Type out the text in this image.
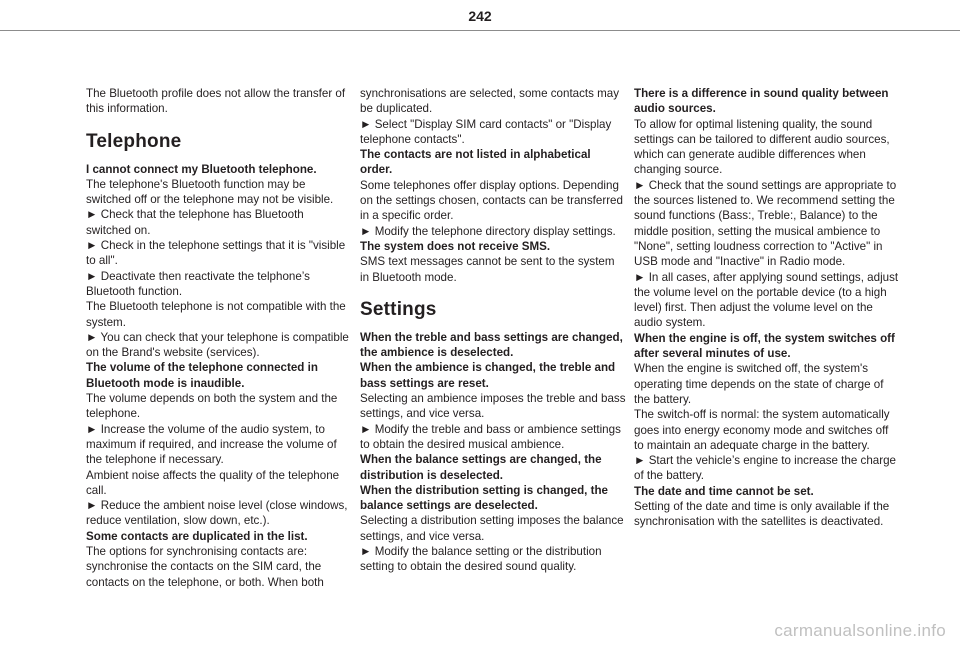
242

The Bluetooth profile does not allow the transfer of this information.

Telephone

I cannot connect my Bluetooth telephone.

The telephone's Bluetooth function may be switched off or the telephone may not be visible.

► Check that the telephone has Bluetooth switched on.

► Check in the telephone settings that it is "visible to all".

► Deactivate then reactivate the telphone’s Bluetooth function.

The Bluetooth telephone is not compatible with the system.

► You can check that your telephone is compatible on the Brand's website (services).

The volume of the telephone connected in Bluetooth mode is inaudible.

The volume depends on both the system and the telephone.

► Increase the volume of the audio system, to maximum if required, and increase the volume of the telephone if necessary.

Ambient noise affects the quality of the telephone call.

► Reduce the ambient noise level (close windows, reduce ventilation, slow down, etc.).

Some contacts are duplicated in the list.

The options for synchronising contacts are: synchronise the contacts on the SIM card, the contacts on the telephone, or both. When both

synchronisations are selected, some contacts may be duplicated.

► Select "Display SIM card contacts" or "Display telephone contacts".

The contacts are not listed in alphabetical order.

Some telephones offer display options. Depending on the settings chosen, contacts can be transferred in a specific order.

► Modify the telephone directory display settings.

The system does not receive SMS.

SMS text messages cannot be sent to the system in Bluetooth mode.

Settings

When the treble and bass settings are changed, the ambience is deselected.

When the ambience is changed, the treble and bass settings are reset.

Selecting an ambience imposes the treble and bass settings, and vice versa.

► Modify the treble and bass or ambience settings to obtain the desired musical ambience.

When the balance settings are changed, the distribution is deselected.

When the distribution setting is changed, the balance settings are deselected.

Selecting a distribution setting imposes the balance settings, and vice versa.

► Modify the balance setting or the distribution setting to obtain the desired sound quality.

There is a difference in sound quality between audio sources.

To allow for optimal listening quality, the sound settings can be tailored to different audio sources, which can generate audible differences when changing source.

► Check that the sound settings are appropriate to the sources listened to. We recommend setting the sound functions (Bass:, Treble:, Balance) to the middle position, setting the musical ambience to "None", setting loudness correction to "Active" in USB mode and "Inactive" in Radio mode.

► In all cases, after applying sound settings, adjust the volume level on the portable device (to a high level) first. Then adjust the volume level on the audio system.

When the engine is off, the system switches off after several minutes of use.

When the engine is switched off, the system's operating time depends on the state of charge of the battery.

The switch-off is normal: the system automatically goes into energy economy mode and switches off to maintain an adequate charge in the battery.

► Start the vehicle’s engine to increase the charge of the battery.

The date and time cannot be set.

Setting of the date and time is only available if the synchronisation with the satellites is deactivated.

carmanualsonline.info
